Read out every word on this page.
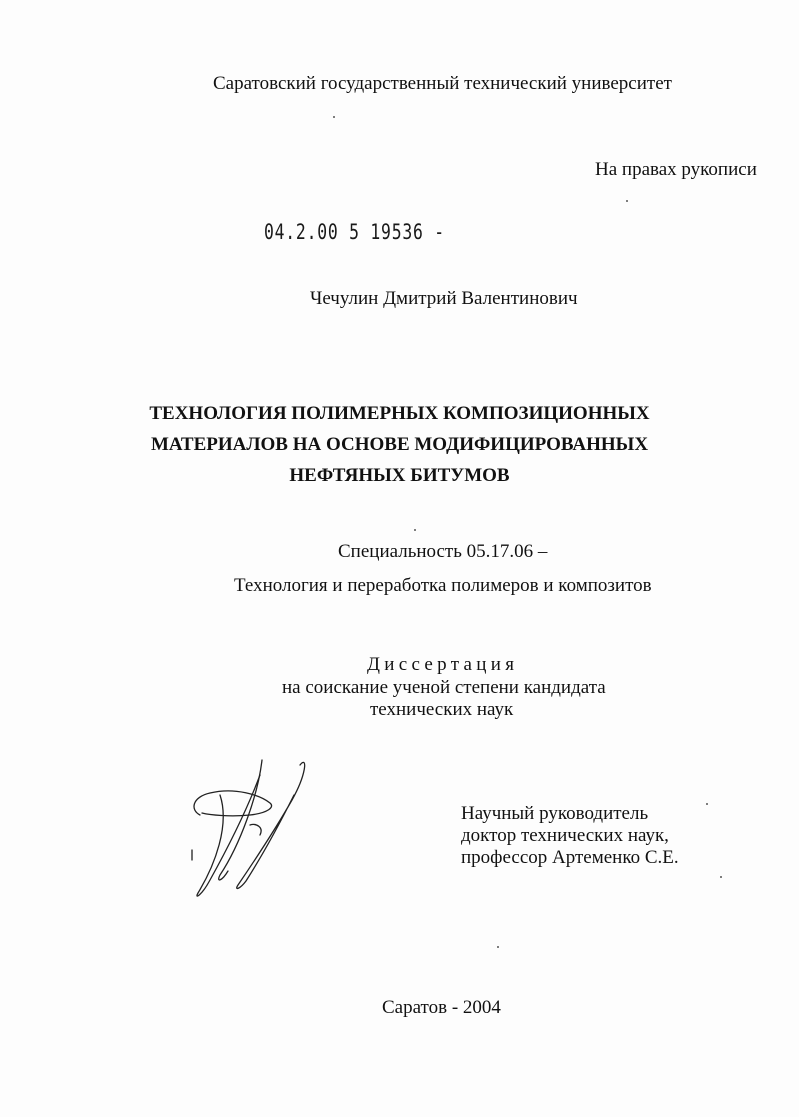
Саратовский государственный технический университет
На правах рукописи
04.2.00 5 19536 -
Чечулин Дмитрий Валентинович
ТЕХНОЛОГИЯ ПОЛИМЕРНЫХ КОМПОЗИЦИОННЫХ
МАТЕРИАЛОВ НА ОСНОВЕ МОДИФИЦИРОВАННЫХ
НЕФТЯНЫХ БИТУМОВ
Специальность 05.17.06 –
Технология и переработка полимеров и композитов
Диссертация
на соискание ученой степени кандидата
технических наук
Научный руководитель
доктор технических наук,
профессор Артеменко С.Е.
Саратов - 2004
